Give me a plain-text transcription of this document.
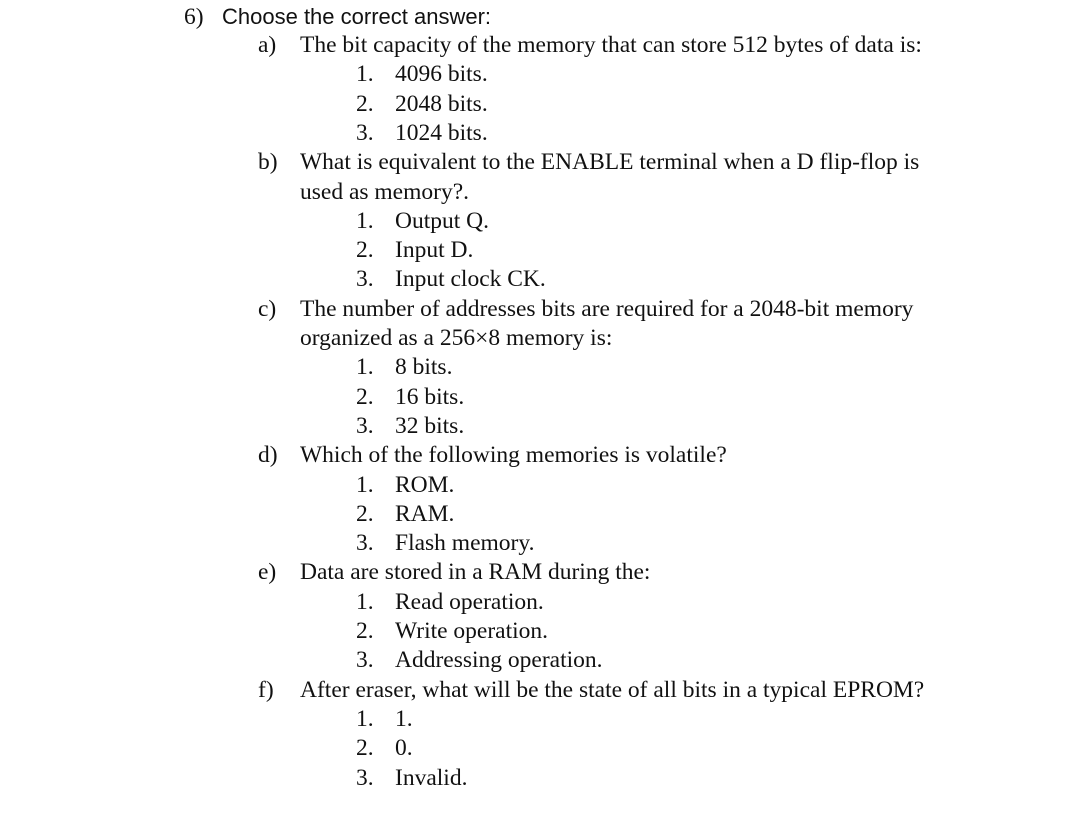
6) Choose the correct answer:
a) The bit capacity of the memory that can store 512 bytes of data is:
1. 4096 bits.
2. 2048 bits.
3. 1024 bits.
b) What is equivalent to the ENABLE terminal when a D flip-flop is
used as memory?.
1. Output Q.
2. Input D.
3. Input clock CK.
c) The number of addresses bits are required for a 2048-bit memory
organized as a 256×8 memory is:
1. 8 bits.
2. 16 bits.
3. 32 bits.
d) Which of the following memories is volatile?
1. ROM.
2. RAM.
3. Flash memory.
e) Data are stored in a RAM during the:
1. Read operation.
2. Write operation.
3. Addressing operation.
f) After eraser, what will be the state of all bits in a typical EPROM?
1. 1.
2. 0.
3. Invalid.
